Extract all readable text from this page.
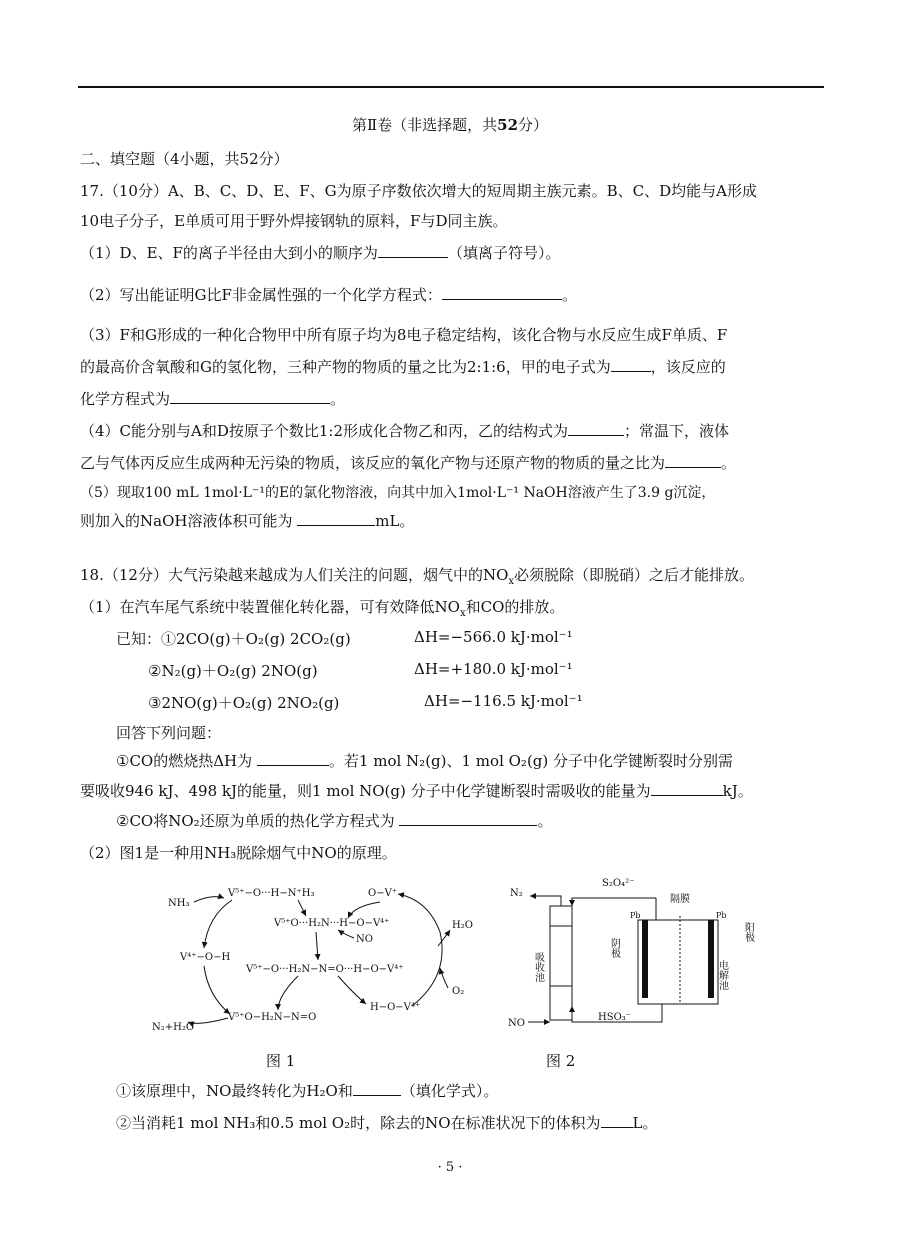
第Ⅱ卷（非选择题，共52分）
二、填空题（4小题，共52分）
17.（10分）A、B、C、D、E、F、G为原子序数依次增大的短周期主族元素。B、C、D均能与A形成
10电子分子，E单质可用于野外焊接钢轨的原料，F与D同主族。
（1）D、E、F的离子半径由大到小的顺序为	（填离子符号）。
（2）写出能证明G比F非金属性强的一个化学方程式：	。
（3）F和G形成的一种化合物甲中所有原子均为8电子稳定结构，该化合物与水反应生成F单质、F
的最高价含氧酸和G的氢化物，三种产物的物质的量之比为2:1:6，甲的电子式为	，该反应的
化学方程式为	。
（4）C能分别与A和D按原子个数比1:2形成化合物乙和丙，乙的结构式为	；常温下，液体
乙与气体丙反应生成两种无污染的物质，该反应的氧化产物与还原产物的物质的量之比为	。
（5）现取100 mL 1mol·L⁻¹的E的氯化物溶液，向其中加入1mol·L⁻¹ NaOH溶液产生了3.9 g沉淀，
则加入的NaOH溶液体积可能为	mL。
18.（12分）大气污染越来越成为人们关注的问题，烟气中的$NO_x$必须脱除（即脱硝）之后才能排放。
（1）在汽车尾气系统中装置催化转化器，可有效降低$NO_x$和CO的排放。
已知：①2CO(g)＋O₂(g) 2CO₂(g)	ΔH=−566.0 kJ·mol⁻¹
②N₂(g)＋O₂(g) 2NO(g)	ΔH=+180.0 kJ·mol⁻¹
③2NO(g)＋O₂(g) 2NO₂(g)	ΔH=−116.5 kJ·mol⁻¹
回答下列问题：
①CO的燃烧热ΔH为	。若1 mol N₂(g)、1 mol O₂(g) 分子中化学键断裂时分别需
要吸收946 kJ、498 kJ的能量，则1 mol NO(g) 分子中化学键断裂时需吸收的能量为	kJ。
②CO将NO₂还原为单质的热化学方程式为	。
（2）图1是一种用NH₃脱除烟气中NO的原理。
NH₃
V⁵⁺−O···H−N⁺H₃	O−V⁺
V⁵⁺O···H₂N···H−O−V⁴⁺
NO
V⁴⁺−O−H
V⁵⁺−O···H₂N−N=O···H−O−V⁴⁺
H₂O
O₂
V⁵⁺O−H₂N−N=O
H−O−V⁴⁺
N₂+H₂O
图 1
N₂
S₂O₄²⁻
隔膜
Pb	Pb
阴极
阳极
吸收池	电解池
NO
HSO₃⁻
图 2
①该原理中，NO最终转化为H₂O和	（填化学式）。
②当消耗1 mol NH₃和0.5 mol O₂时，除去的NO在标准状况下的体积为 L。
· 5 ·
